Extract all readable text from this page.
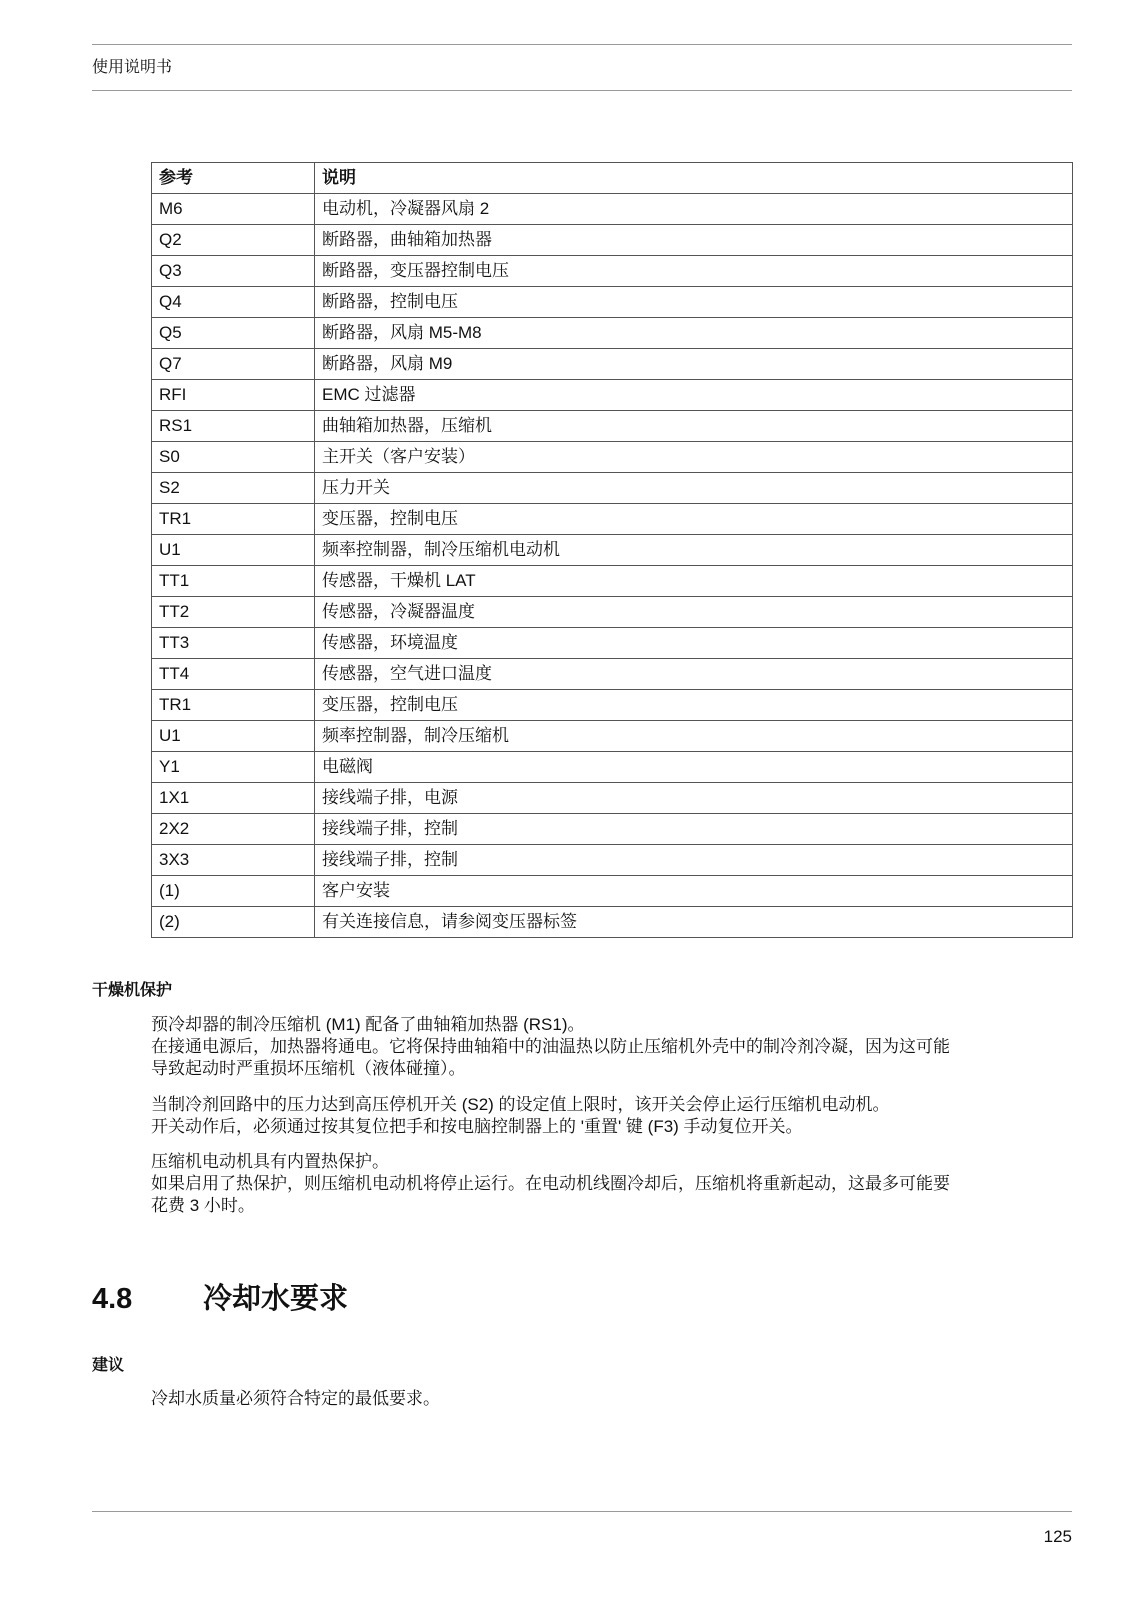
使用说明书
参考	说明
M6	电动机，冷凝器风扇 2
Q2	断路器，曲轴箱加热器
Q3	断路器，变压器控制电压
Q4	断路器，控制电压
Q5	断路器，风扇 M5-M8
Q7	断路器，风扇 M9
RFI	EMC 过滤器
RS1	曲轴箱加热器，压缩机
S0	主开关（客户安装）
S2	压力开关
TR1	变压器，控制电压
U1	频率控制器，制冷压缩机电动机
TT1	传感器，干燥机 LAT
TT2	传感器，冷凝器温度
TT3	传感器，环境温度
TT4	传感器，空气进口温度
TR1	变压器，控制电压
U1	频率控制器，制冷压缩机
Y1	电磁阀
1X1	接线端子排，电源
2X2	接线端子排，控制
3X3	接线端子排，控制
(1)	客户安装
(2)	有关连接信息，请参阅变压器标签
干燥机保护

预冷却器的制冷压缩机 (M1) 配备了曲轴箱加热器 (RS1)。

在接通电源后，加热器将通电。它将保持曲轴箱中的油温热以防止压缩机外壳中的制冷剂冷凝，因为这可能

导致起动时严重损坏压缩机（液体碰撞）。

当制冷剂回路中的压力达到高压停机开关 (S2) 的设定值上限时，该开关会停止运行压缩机电动机。

开关动作后，必须通过按其复位把手和按电脑控制器上的 '重置' 键 (F3) 手动复位开关。

压缩机电动机具有内置热保护。

如果启用了热保护，则压缩机电动机将停止运行。在电动机线圈冷却后，压缩机将重新起动，这最多可能要

花费 3 小时。

4.8 冷却水要求
建议
冷却水质量必须符合特定的最低要求。
125
